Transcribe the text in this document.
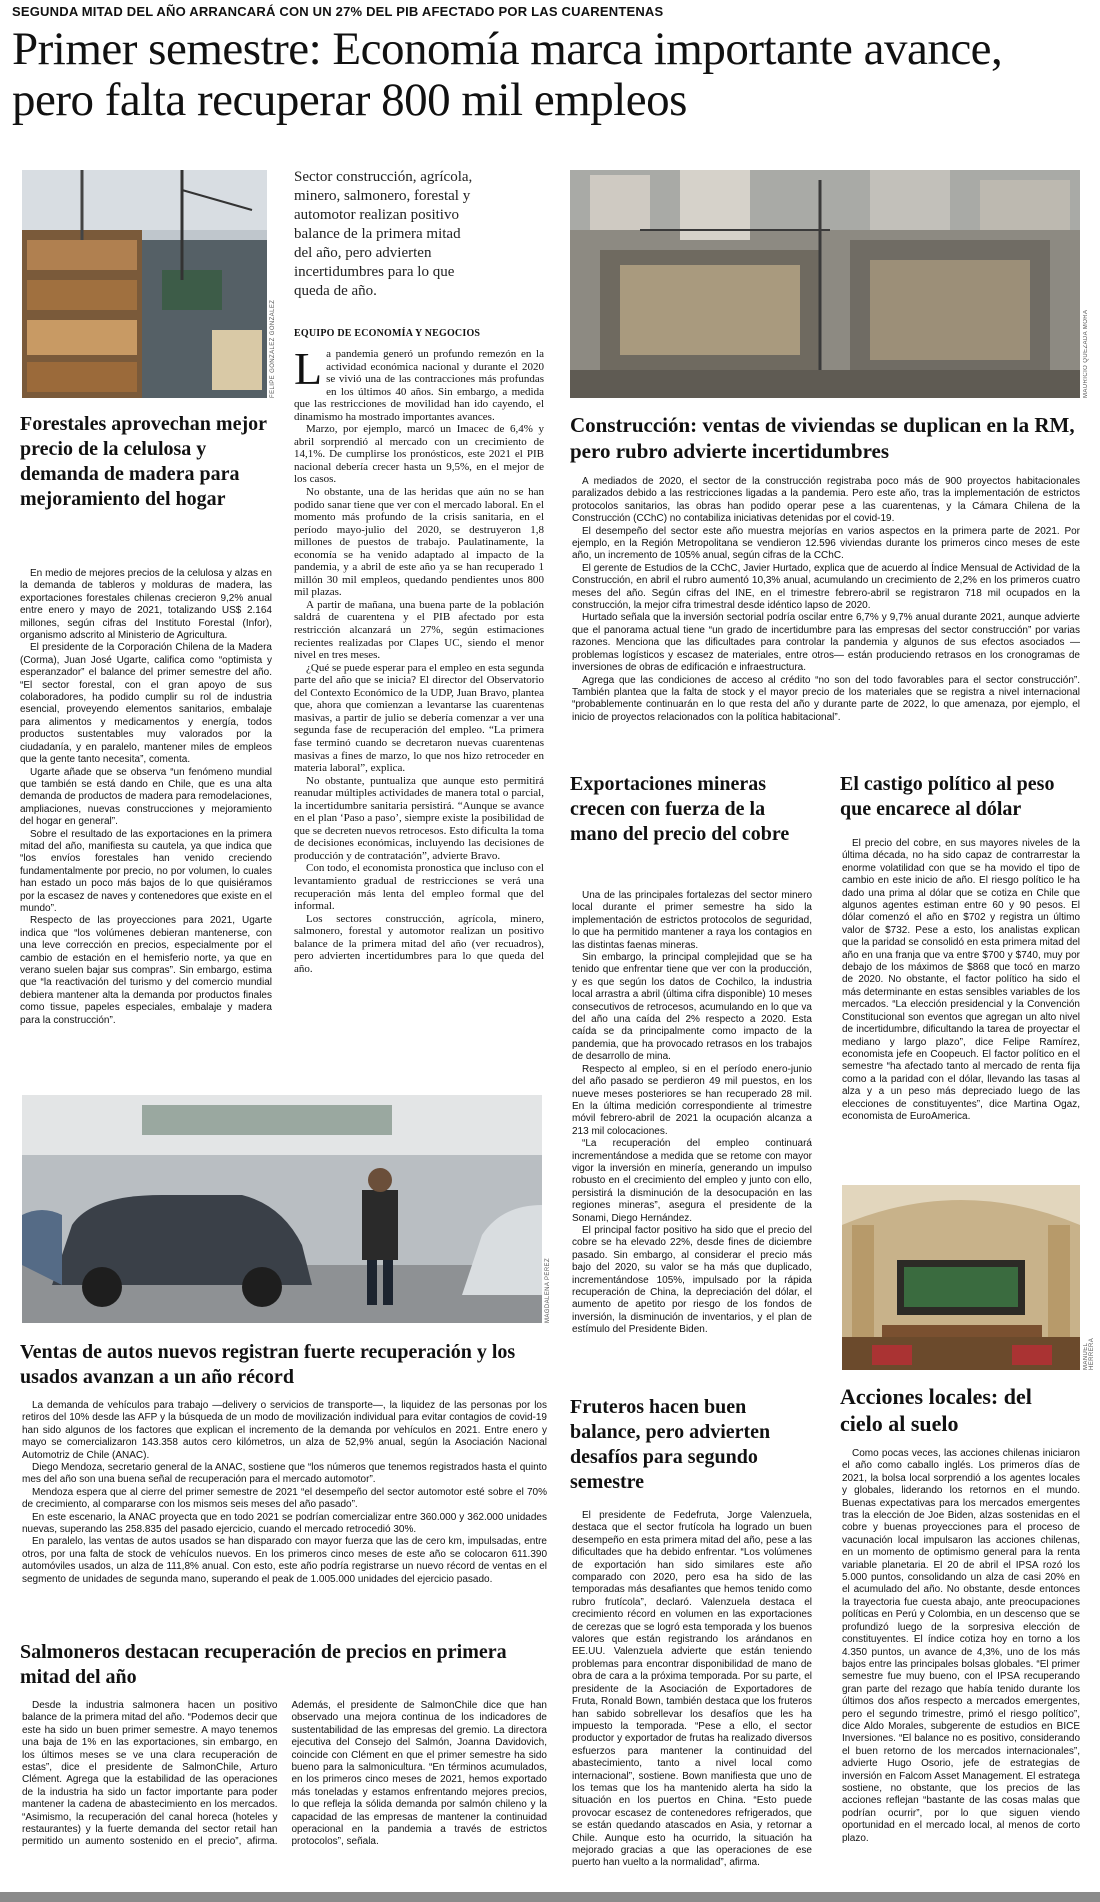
SEGUNDA MITAD DEL AÑO ARRANCARÁ CON UN 27% DEL PIB AFECTADO POR LAS CUARENTENAS
Primer semestre: Economía marca importante avance, pero falta recuperar 800 mil empleos
FELIPE GONZÁLEZ GONZÁLEZ
Forestales aprovechan mejor precio de la celulosa y demanda de madera para mejoramiento del hogar

En medio de mejores precios de la celulosa y alzas en la demanda de tableros y molduras de madera, las exportaciones forestales chilenas crecieron 9,2% anual entre enero y mayo de 2021, totalizando US$ 2.164 millones, según cifras del Instituto Forestal (Infor), organismo adscrito al Ministerio de Agricultura.

El presidente de la Corporación Chilena de la Madera (Corma), Juan José Ugarte, califica como “optimista y esperanzador” el balance del primer semestre del año. “El sector forestal, con el gran apoyo de sus colaboradores, ha podido cumplir su rol de industria esencial, proveyendo elementos sanitarios, embalaje para alimentos y medicamentos y energía, todos productos sustentables muy valorados por la ciudadanía, y en paralelo, mantener miles de empleos que la gente tanto necesita”, comenta.

Ugarte añade que se observa “un fenómeno mundial que también se está dando en Chile, que es una alta demanda de productos de madera para remodelaciones, ampliaciones, nuevas construcciones y mejoramiento del hogar en general”.

Sobre el resultado de las exportaciones en la primera mitad del año, manifiesta su cautela, ya que indica que “los envíos forestales han venido creciendo fundamentalmente por precio, no por volumen, lo cuales han estado un poco más bajos de lo que quisiéramos por la escasez de naves y contenedores que existe en el mundo”.

Respecto de las proyecciones para 2021, Ugarte indica que “los volúmenes debieran mantenerse, con una leve corrección en precios, especialmente por el cambio de estación en el hemisferio norte, ya que en verano suelen bajar sus compras”. Sin embargo, estima que “la reactivación del turismo y del comercio mundial debiera mantener alta la demanda por productos finales como tissue, papeles especiales, embalaje y madera para la construcción”.

Sector construcción, agrícola, minero, salmonero, forestal y automotor realizan positivo balance de la primera mitad del año, pero advierten incertidumbres para lo que queda de año.
EQUIPO DE ECONOMÍA Y NEGOCIOS
L a pandemia generó un profundo remezón en la actividad económica nacional y durante el 2020 se vivió una de las contracciones más profundas en los últimos 40 años. Sin embargo, a medida que las restricciones de movilidad han ido cayendo, el dinamismo ha mostrado importantes avances.

Marzo, por ejemplo, marcó un Imacec de 6,4% y abril sorprendió al mercado con un crecimiento de 14,1%. De cumplirse los pronósticos, este 2021 el PIB nacional debería crecer hasta un 9,5%, en el mejor de los casos.

No obstante, una de las heridas que aún no se han podido sanar tiene que ver con el mercado laboral. En el momento más profundo de la crisis sanitaria, en el período mayo-julio del 2020, se destruyeron 1,8 millones de puestos de trabajo. Paulatinamente, la economía se ha venido adaptado al impacto de la pandemia, y a abril de este año ya se han recuperado 1 millón 30 mil empleos, quedando pendientes unos 800 mil plazas.

A partir de mañana, una buena parte de la población saldrá de cuarentena y el PIB afectado por esta restricción alcanzará un 27%, según estimaciones recientes realizadas por Clapes UC, siendo el menor nivel en tres meses.

¿Qué se puede esperar para el empleo en esta segunda parte del año que se inicia? El director del Observatorio del Contexto Económico de la UDP, Juan Bravo, plantea que, ahora que comienzan a levantarse las cuarentenas masivas, a partir de julio se debería comenzar a ver una segunda fase de recuperación del empleo. “La primera fase terminó cuando se decretaron nuevas cuarentenas masivas a fines de marzo, lo que nos hizo retroceder en materia laboral”, explica.

No obstante, puntualiza que aunque esto permitirá reanudar múltiples actividades de manera total o parcial, la incertidumbre sanitaria persistirá. “Aunque se avance en el plan ‘Paso a paso’, siempre existe la posibilidad de que se decreten nuevos retrocesos. Esto dificulta la toma de decisiones económicas, incluyendo las decisiones de producción y de contratación”, advierte Bravo.

Con todo, el economista pronostica que incluso con el levantamiento gradual de restricciones se verá una recuperación más lenta del empleo formal que del informal.

Los sectores construcción, agrícola, minero, salmonero, forestal y automotor realizan un positivo balance de la primera mitad del año (ver recuadros), pero advierten incertidumbres para lo que queda del año.

MAURICIO QUEZADA MORA
Construcción: ventas de viviendas se duplican en la RM, pero rubro advierte incertidumbres

A mediados de 2020, el sector de la construcción registraba poco más de 900 proyectos habitacionales paralizados debido a las restricciones ligadas a la pandemia. Pero este año, tras la implementación de estrictos protocolos sanitarios, las obras han podido operar pese a las cuarentenas, y la Cámara Chilena de la Construcción (CChC) no contabiliza iniciativas detenidas por el covid-19.

El desempeño del sector este año muestra mejorías en varios aspectos en la primera parte de 2021. Por ejemplo, en la Región Metropolitana se vendieron 12.596 viviendas durante los primeros cinco meses de este año, un incremento de 105% anual, según cifras de la CChC.

El gerente de Estudios de la CChC, Javier Hurtado, explica que de acuerdo al Índice Mensual de Actividad de la Construcción, en abril el rubro aumentó 10,3% anual, acumulando un crecimiento de 2,2% en los primeros cuatro meses del año. Según cifras del INE, en el trimestre febrero-abril se registraron 718 mil ocupados en la construcción, la mejor cifra trimestral desde idéntico lapso de 2020.

Hurtado señala que la inversión sectorial podría oscilar entre 6,7% y 9,7% anual durante 2021, aunque advierte que el panorama actual tiene “un grado de incertidumbre para las empresas del sector construcción” por varias razones. Menciona que las dificultades para controlar la pandemia y algunos de sus efectos asociados —problemas logísticos y escasez de materiales, entre otros— están produciendo retrasos en los cronogramas de inversiones de obras de edificación e infraestructura.

Agrega que las condiciones de acceso al crédito “no son del todo favorables para el sector construcción”. También plantea que la falta de stock y el mayor precio de los materiales que se registra a nivel internacional “probablemente continuarán en lo que resta del año y durante parte de 2022, lo que amenaza, por ejemplo, el inicio de proyectos relacionados con la política habitacional”.

Exportaciones mineras crecen con fuerza de la mano del precio del cobre

Una de las principales fortalezas del sector minero local durante el primer semestre ha sido la implementación de estrictos protocolos de seguridad, lo que ha permitido mantener a raya los contagios en las distintas faenas mineras.

Sin embargo, la principal complejidad que se ha tenido que enfrentar tiene que ver con la producción, y es que según los datos de Cochilco, la industria local arrastra a abril (última cifra disponible) 10 meses consecutivos de retrocesos, acumulando en lo que va del año una caída del 2% respecto a 2020. Esta caída se da principalmente como impacto de la pandemia, que ha provocado retrasos en los trabajos de desarrollo de mina.

Respecto al empleo, si en el período enero-junio del año pasado se perdieron 49 mil puestos, en los nueve meses posteriores se han recuperado 28 mil. En la última medición correspondiente al trimestre móvil febrero-abril de 2021 la ocupación alcanza a 213 mil colocaciones.

“La recuperación del empleo continuará incrementándose a medida que se retome con mayor vigor la inversión en minería, generando un impulso robusto en el crecimiento del empleo y junto con ello, persistirá la disminución de la desocupación en las regiones mineras”, asegura el presidente de la Sonami, Diego Hernández.

El principal factor positivo ha sido que el precio del cobre se ha elevado 22%, desde fines de diciembre pasado. Sin embargo, al considerar el precio más bajo del 2020, su valor se ha más que duplicado, incrementándose 105%, impulsado por la rápida recuperación de China, la depreciación del dólar, el aumento de apetito por riesgo de los fondos de inversión, la disminución de inventarios, y el plan de estímulo del Presidente Biden.

El castigo político al peso que encarece al dólar

El precio del cobre, en sus mayores niveles de la última década, no ha sido capaz de contrarrestar la enorme volatilidad con que se ha movido el tipo de cambio en este inicio de año. El riesgo político le ha dado una prima al dólar que se cotiza en Chile que algunos agentes estiman entre 60 y 90 pesos. El dólar comenzó el año en $702 y registra un último valor de $732. Pese a esto, los analistas explican que la paridad se consolidó en esta primera mitad del año en una franja que va entre $700 y $740, muy por debajo de los máximos de $868 que tocó en marzo de 2020. No obstante, el factor político ha sido el más determinante en estas sensibles variables de los mercados. “La elección presidencial y la Convención Constitucional son eventos que agregan un alto nivel de incertidumbre, dificultando la tarea de proyectar el mediano y largo plazo”, dice Felipe Ramírez, economista jefe en Coopeuch. El factor político en el semestre “ha afectado tanto al mercado de renta fija como a la paridad con el dólar, llevando las tasas al alza y a un peso más depreciado luego de las elecciones de constituyentes”, dice Martina Ogaz, economista de EuroAmerica.

MANUEL HERRERA
MAGDALENA PÉREZ
Ventas de autos nuevos registran fuerte recuperación y los usados avanzan a un año récord

La demanda de vehículos para trabajo —delivery o servicios de transporte—, la liquidez de las personas por los retiros del 10% desde las AFP y la búsqueda de un modo de movilización individual para evitar contagios de covid-19 han sido algunos de los factores que explican el incremento de la demanda por vehículos en 2021. Entre enero y mayo se comercializaron 143.358 autos cero kilómetros, un alza de 52,9% anual, según la Asociación Nacional Automotriz de Chile (ANAC).

Diego Mendoza, secretario general de la ANAC, sostiene que “los números que tenemos registrados hasta el quinto mes del año son una buena señal de recuperación para el mercado automotor”.

Mendoza espera que al cierre del primer semestre de 2021 “el desempeño del sector automotor esté sobre el 70% de crecimiento, al compararse con los mismos seis meses del año pasado”.

En este escenario, la ANAC proyecta que en todo 2021 se podrían comercializar entre 360.000 y 362.000 unidades nuevas, superando las 258.835 del pasado ejercicio, cuando el mercado retrocedió 30%.

En paralelo, las ventas de autos usados se han disparado con mayor fuerza que las de cero km, impulsadas, entre otros, por una falta de stock de vehículos nuevos. En los primeros cinco meses de este año se colocaron 611.390 automóviles usados, un alza de 111,8% anual. Con esto, este año podría registrarse un nuevo récord de ventas en el segmento de unidades de segunda mano, superando el peak de 1.005.000 unidades del ejercicio pasado.

Salmoneros destacan recuperación de precios en primera mitad del año

Desde la industria salmonera hacen un positivo balance de la primera mitad del año. “Podemos decir que este ha sido un buen primer semestre. A mayo tenemos una baja de 1% en las exportaciones, sin embargo, en los últimos meses se ve una clara recuperación de estas”, dice el presidente de SalmonChile, Arturo Clément. Agrega que la estabilidad de las operaciones de la industria ha sido un factor importante para poder mantener la cadena de abastecimiento en los mercados. “Asimismo, la recuperación del canal horeca (hoteles y restaurantes) y la fuerte demanda del sector retail han permitido un aumento sostenido en el precio”, afirma. Además, el presidente de SalmonChile dice que han observado una mejora continua de los indicadores de sustentabilidad de las empresas del gremio. La directora ejecutiva del Consejo del Salmón, Joanna Davidovich, coincide con Clément en que el primer semestre ha sido bueno para la salmonicultura. “En términos acumulados, en los primeros cinco meses de 2021, hemos exportado más toneladas y estamos enfrentando mejores precios, lo que refleja la sólida demanda por salmón chileno y la capacidad de las empresas de mantener la continuidad operacional en la pandemia a través de estrictos protocolos”, señala.

Fruteros hacen buen balance, pero advierten desafíos para segundo semestre

El presidente de Fedefruta, Jorge Valenzuela, destaca que el sector frutícola ha logrado un buen desempeño en esta primera mitad del año, pese a las dificultades que ha debido enfrentar. “Los volúmenes de exportación han sido similares este año comparado con 2020, pero esa ha sido de las temporadas más desafiantes que hemos tenido como rubro frutícola”, declaró. Valenzuela destaca el crecimiento récord en volumen en las exportaciones de cerezas que se logró esta temporada y los buenos valores que están registrando los arándanos en EE.UU. Valenzuela advierte que están teniendo problemas para encontrar disponibilidad de mano de obra de cara a la próxima temporada. Por su parte, el presidente de la Asociación de Exportadores de Fruta, Ronald Bown, también destaca que los fruteros han sabido sobrellevar los desafíos que les ha impuesto la temporada. “Pese a ello, el sector productor y exportador de frutas ha realizado diversos esfuerzos para mantener la continuidad del abastecimiento, tanto a nivel local como internacional”, sostiene. Bown manifiesta que uno de los temas que los ha mantenido alerta ha sido la situación en los puertos en China. “Esto puede provocar escasez de contenedores refrigerados, que se están quedando atascados en Asia, y retornar a Chile. Aunque esto ha ocurrido, la situación ha mejorado gracias a que las operaciones de ese puerto han vuelto a la normalidad”, afirma.

Acciones locales: del cielo al suelo

Como pocas veces, las acciones chilenas iniciaron el año como caballo inglés. Los primeros días de 2021, la bolsa local sorprendió a los agentes locales y globales, liderando los retornos en el mundo. Buenas expectativas para los mercados emergentes tras la elección de Joe Biden, alzas sostenidas en el cobre y buenas proyecciones para el proceso de vacunación local impulsaron las acciones chilenas, en un momento de optimismo general para la renta variable planetaria. El 20 de abril el IPSA rozó los 5.000 puntos, consolidando un alza de casi 20% en el acumulado del año. No obstante, desde entonces la trayectoria fue cuesta abajo, ante preocupaciones políticas en Perú y Colombia, en un descenso que se profundizó luego de la sorpresiva elección de constituyentes. El índice cotiza hoy en torno a los 4.350 puntos, un avance de 4,3%, uno de los más bajos entre las principales bolsas globales. “El primer semestre fue muy bueno, con el IPSA recuperando gran parte del rezago que había tenido durante los últimos dos años respecto a mercados emergentes, pero el segundo trimestre, primó el riesgo político”, dice Aldo Morales, subgerente de estudios en BICE Inversiones. “El balance no es positivo, considerando el buen retorno de los mercados internacionales”, advierte Hugo Osorio, jefe de estrategias de inversión en Falcom Asset Management. El estratega sostiene, no obstante, que los precios de las acciones reflejan “bastante de las cosas malas que podrían ocurrir”, por lo que siguen viendo oportunidad en el mercado local, al menos de corto plazo.
